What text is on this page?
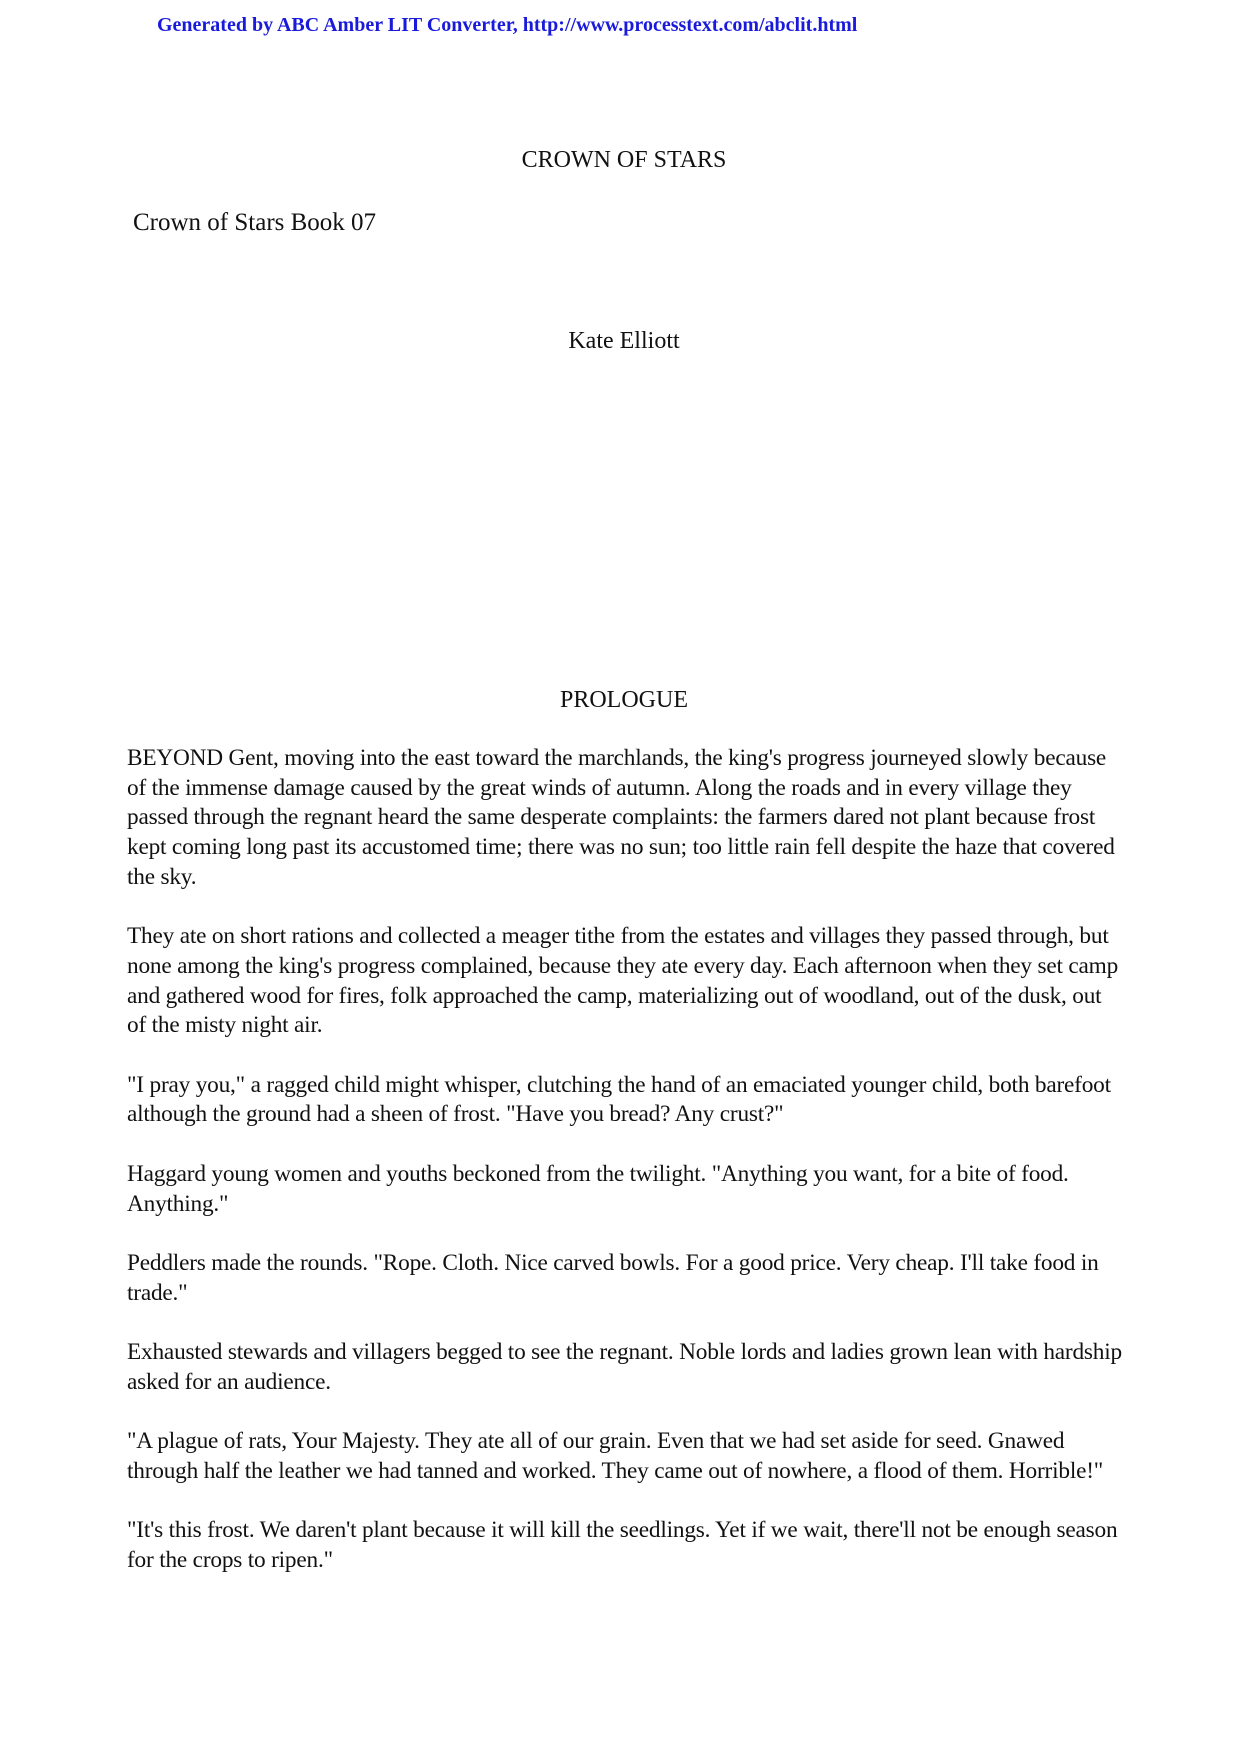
Generated by ABC Amber LIT Converter, http://www.processtext.com/abclit.html
CROWN OF STARS
Crown of Stars Book 07
Kate Elliott
PROLOGUE

BEYOND Gent, moving into the east toward the marchlands, the king's progress journeyed slowly because of the immense damage caused by the great winds of autumn. Along the roads and in every village they passed through the regnant heard the same desperate complaints: the farmers dared not plant because frost kept coming long past its accustomed time; there was no sun; too little rain fell despite the haze that covered the sky.

They ate on short rations and collected a meager tithe from the estates and villages they passed through, but none among the king's progress complained, because they ate every day. Each afternoon when they set camp and gathered wood for fires, folk approached the camp, materializing out of woodland, out of the dusk, out of the misty night air.

"I pray you," a ragged child might whisper, clutching the hand of an emaciated younger child, both barefoot although the ground had a sheen of frost. "Have you bread? Any crust?"

Haggard young women and youths beckoned from the twilight. "Anything you want, for a bite of food. Anything."

Peddlers made the rounds. "Rope. Cloth. Nice carved bowls. For a good price. Very cheap. I'll take food in trade."

Exhausted stewards and villagers begged to see the regnant. Noble lords and ladies grown lean with hardship asked for an audience.

"A plague of rats, Your Majesty. They ate all of our grain. Even that we had set aside for seed. Gnawed through half the leather we had tanned and worked. They came out of nowhere, a flood of them. Horrible!"

"It's this frost. We daren't plant because it will kill the seedlings. Yet if we wait, there'll not be enough season for the crops to ripen."
